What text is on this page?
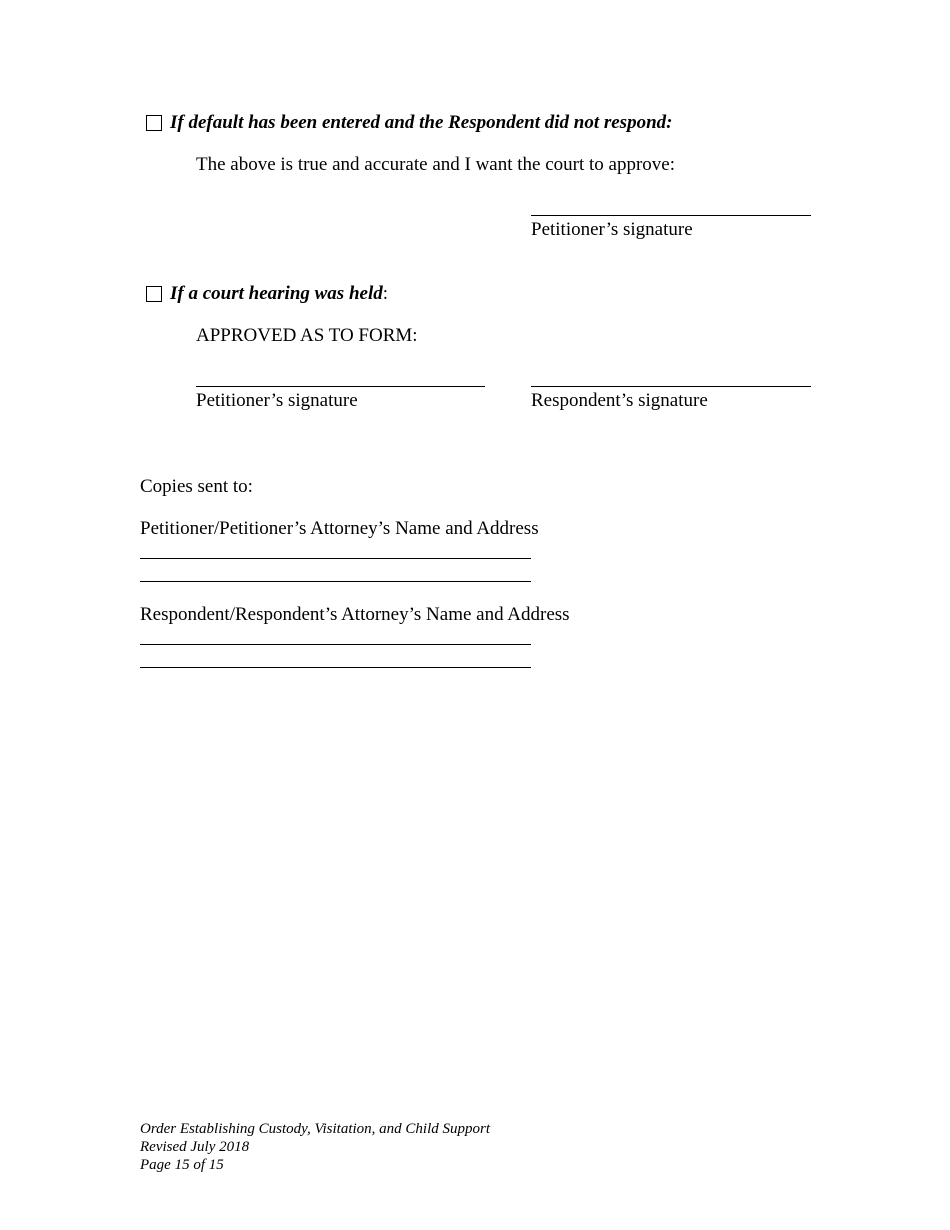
If default has been entered and the Respondent did not respond:
The above is true and accurate and I want the court to approve:
Petitioner’s signature
If a court hearing was held:
APPROVED AS TO FORM:
Petitioner’s signature	Respondent’s signature
Copies sent to:
Petitioner/Petitioner’s Attorney’s Name and Address
Respondent/Respondent’s Attorney’s Name and Address
Order Establishing Custody, Visitation, and Child Support
Revised July 2018
Page 15 of 15
